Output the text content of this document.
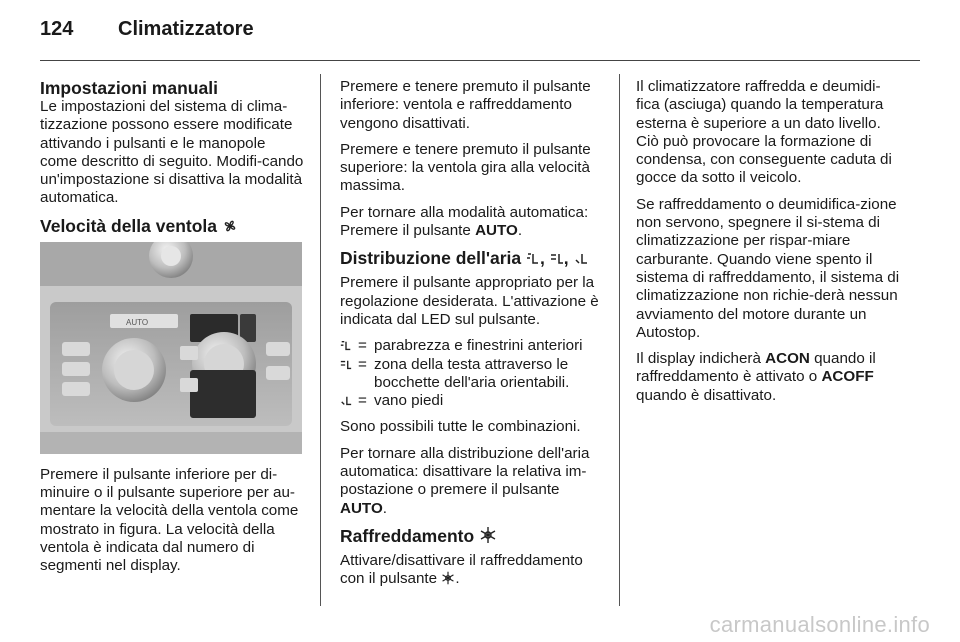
124 Climatizzatore
Impostazioni manuali

Le impostazioni del sistema di clima-tizzazione possono essere modificate attivando i pulsanti e le manopole come descritto di seguito. Modifi-cando un'impostazione si disattiva la modalità automatica.

Velocità della ventola
AUTO

Premere il pulsante inferiore per di-minuire o il pulsante superiore per au-mentare la velocità della ventola come mostrato in figura. La velocità della ventola è indicata dal numero di segmenti nel display.

Premere e tenere premuto il pulsante inferiore: ventola e raffreddamento vengono disattivati.

Premere e tenere premuto il pulsante superiore: la ventola gira alla velocità massima.

Per tornare alla modalità automatica: Premere il pulsante AUTO.

Distribuzione dell'aria , ,

Premere il pulsante appropriato per la regolazione desiderata. L'attivazione è indicata dal LED sul pulsante.

= parabrezza e finestrini anteriori
= zona della testa attraverso le bocchette dell'aria orientabili.
= vano piedi

Sono possibili tutte le combinazioni.

Per tornare alla distribuzione dell'aria automatica: disattivare la relativa im-postazione o premere il pulsante AUTO.

Raffreddamento

Attivare/disattivare il raffreddamento con il pulsante .

Il climatizzatore raffredda e deumidi-fica (asciuga) quando la temperatura esterna è superiore a un dato livello. Ciò può provocare la formazione di condensa, con conseguente caduta di gocce da sotto il veicolo.

Se raffreddamento o deumidifica-zione non servono, spegnere il si-stema di climatizzazione per rispar-miare carburante. Quando viene spento il sistema di raffreddamento, il sistema di climatizzazione non richie-derà nessun avviamento del motore durante un Autostop.

Il display indicherà ACON quando il raffreddamento è attivato o ACOFF quando è disattivato.

carmanualsonline.info
